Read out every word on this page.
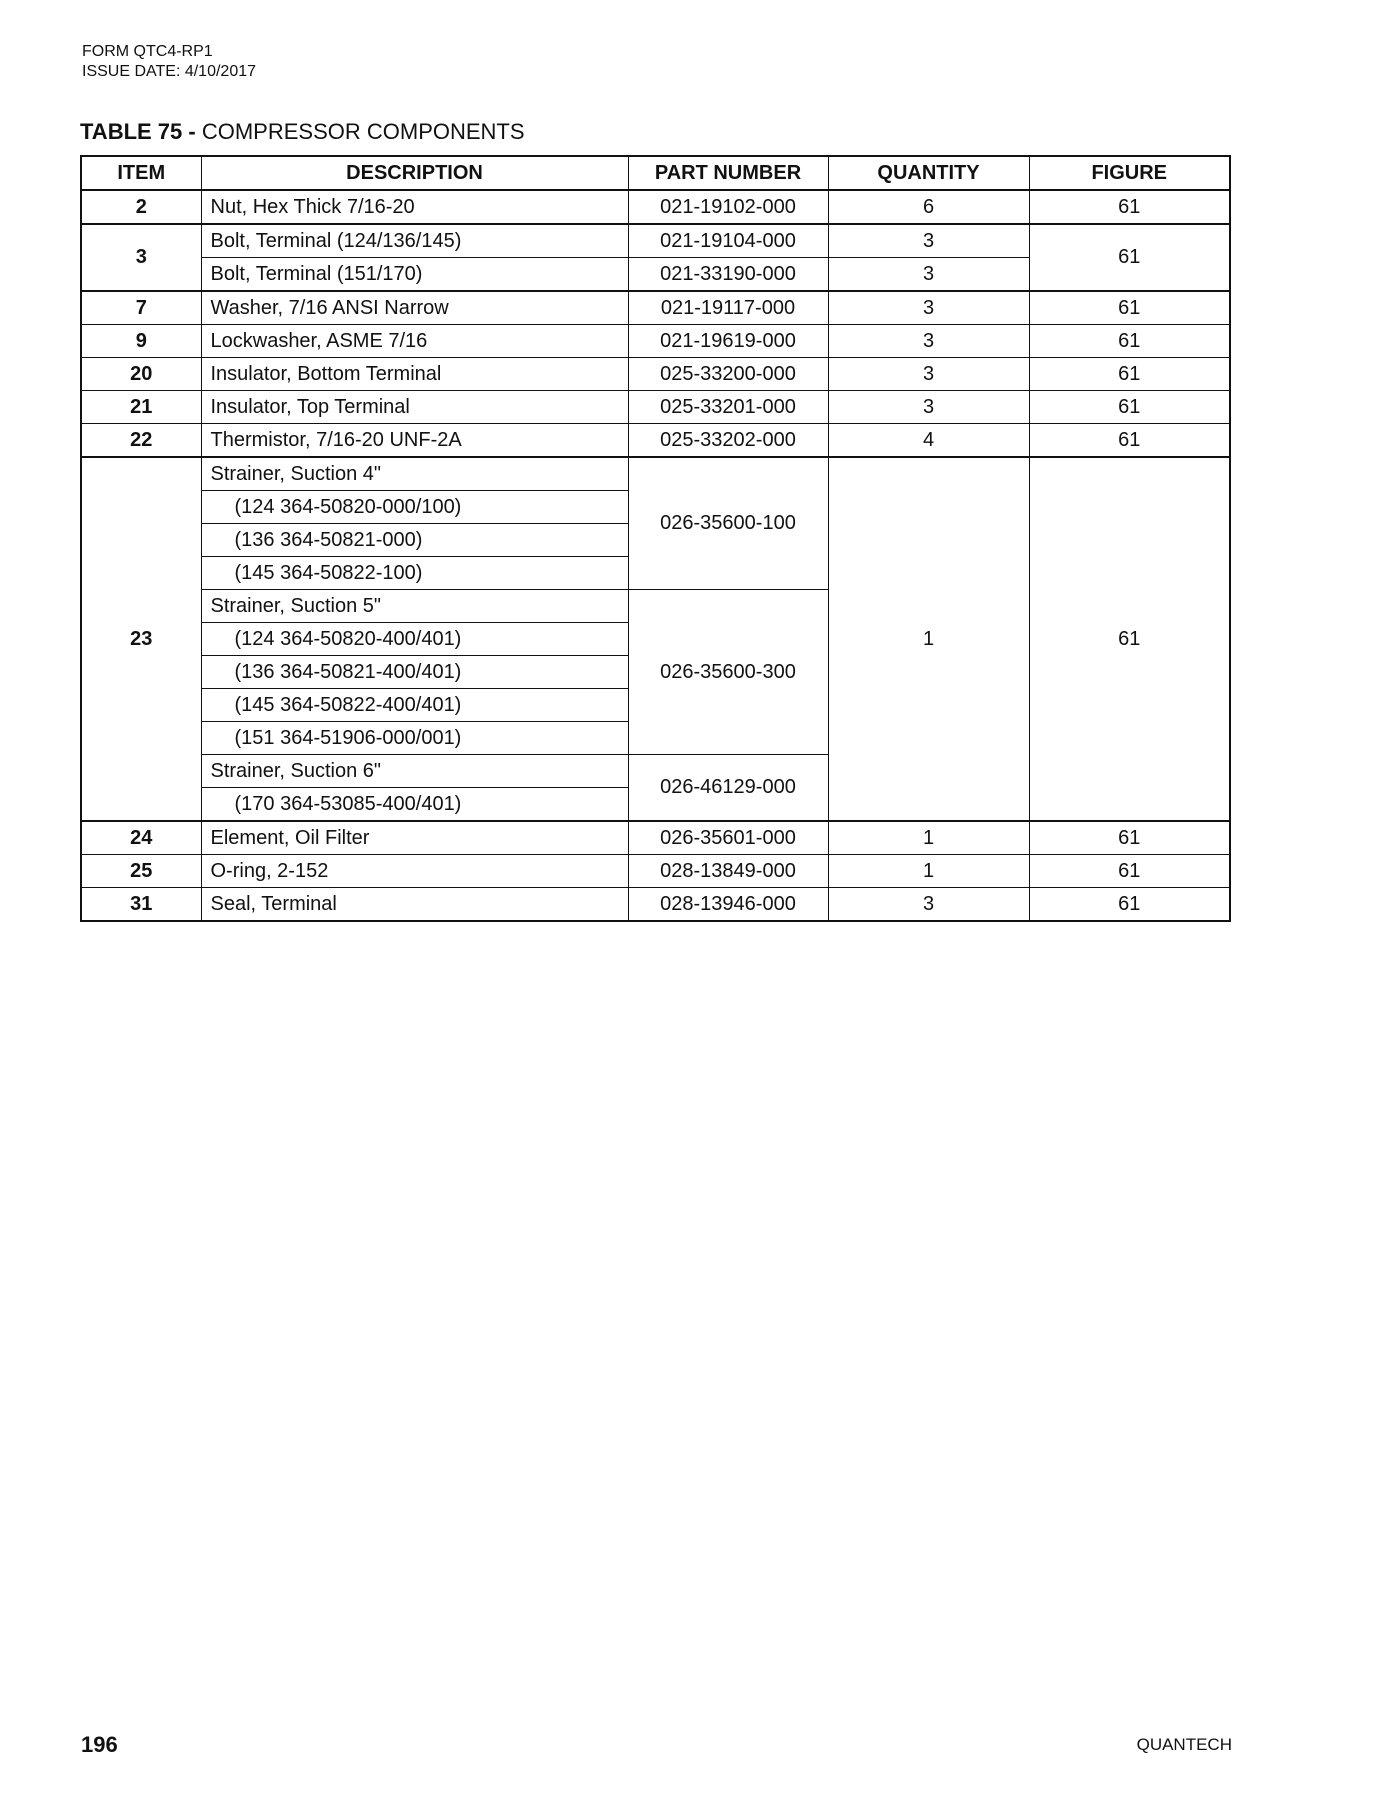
FORM QTC4-RP1
ISSUE DATE: 4/10/2017
TABLE 75 - COMPRESSOR COMPONENTS
ITEM	DESCRIPTION	PART NUMBER	QUANTITY	FIGURE
2	Nut, Hex Thick 7/16-20	021-19102-000	6	61
3	Bolt, Terminal (124/136/145)	021-19104-000	3	61
	Bolt, Terminal (151/170)	021-33190-000	3	
7	Washer, 7/16 ANSI Narrow	021-19117-000	3	61
9	Lockwasher, ASME 7/16	021-19619-000	3	61
20	Insulator, Bottom Terminal	025-33200-000	3	61
21	Insulator, Top Terminal	025-33201-000	3	61
22	Thermistor, 7/16-20 UNF-2A	025-33202-000	4	61
23	Strainer, Suction 4"	026-35600-100	1	61
	(124 364-50820-000/100)			
	(136 364-50821-000)			
	(145 364-50822-100)			
	Strainer, Suction 5"	026-35600-300		
	(124 364-50820-400/401)			
	(136 364-50821-400/401)			
	(145 364-50822-400/401)			
	(151 364-51906-000/001)			
	Strainer, Suction 6"	026-46129-000		
	(170 364-53085-400/401)			
24	Element, Oil Filter	026-35601-000	1	61
25	O-ring, 2-152	028-13849-000	1	61
31	Seal, Terminal	028-13946-000	3	61
196	QUANTECH
